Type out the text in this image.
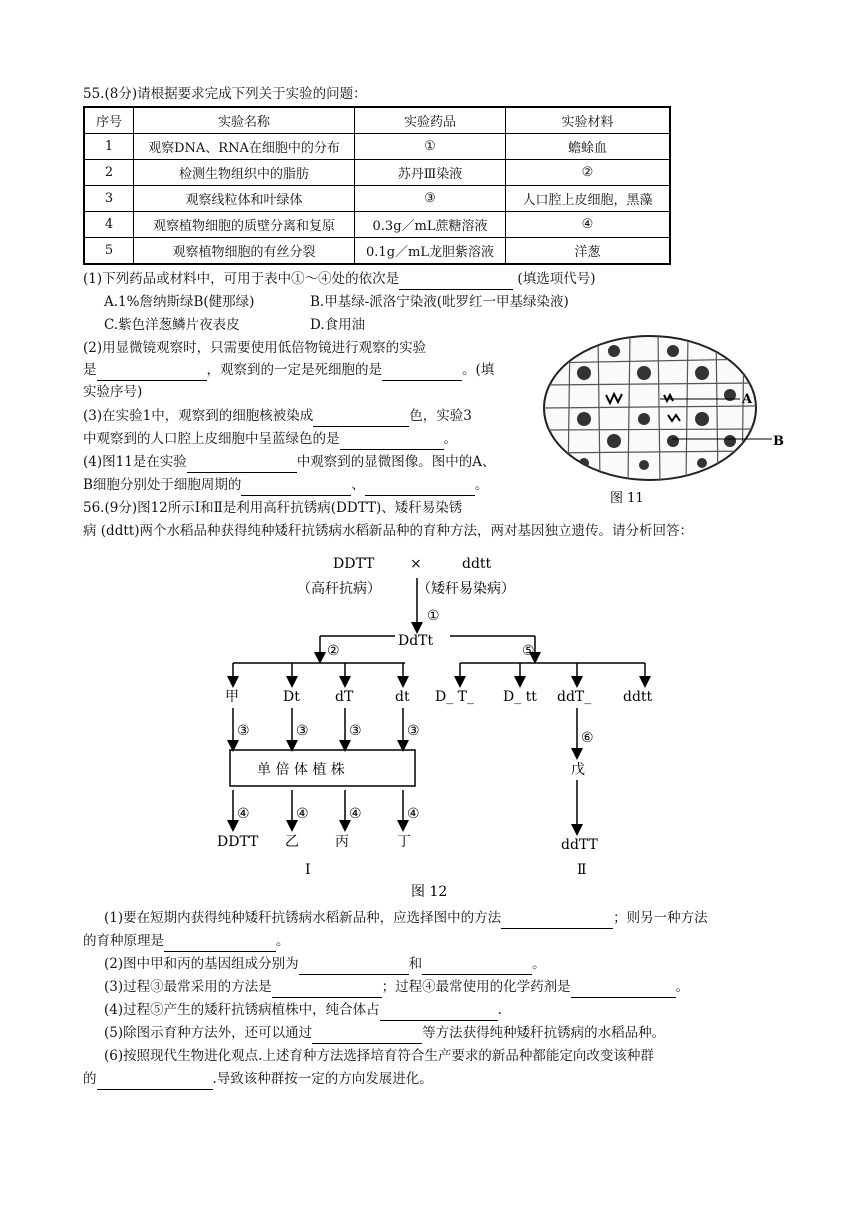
55.(8分)请根据要求完成下列关于实验的问题：
序号	实验名称	实验药品	实验材料
1	观察DNA、RNA在细胞中的分布	①	蟾蜍血
2	检测生物组织中的脂肪	苏丹Ⅲ染液	②
3	观察线粒体和叶绿体	③	人口腔上皮细胞，黑藻
4	观察植物细胞的质壁分离和复原	0.3g／mL蔗糖溶液	④
5	观察植物细胞的有丝分裂	0.1g／mL龙胆紫溶液	洋葱
(1)下列药品或材料中，可用于表中①～④处的依次是	(填选项代号)
A.1%詹纳斯绿B(健那绿)	B.甲基绿-派洛宁染液(吡罗红一甲基绿染液)
C.紫色洋葱鳞片夜表皮	D.食用油
(2)用显微镜观察时，只需要使用低倍物镜进行观察的实验
是	，观察到的一定是死细胞的是	。(填
实验序号)
(3)在实验1中，观察到的细胞核被染成	色，实验3
中观察到的人口腔上皮细胞中呈蓝绿色的是	。
(4)图11是在实验	中观察到的显微图像。图中的A、
B细胞分别处于细胞周期的	、	。
A
B
图 11
56.(9分)图12所示Ⅰ和Ⅱ是利用高秆抗锈病(DDTT)、矮秆易染锈
病 (ddtt)两个水稻品种获得纯种矮秆抗锈病水稻新品种的育种方法，两对基因独立遗传。请分析回答：
DDTT	×	ddtt
（高秆抗病）	（矮秆易染病）
①
DdTt
②	⑤
甲	Dt	dT	dt D_ T_ D_ tt ddT_ ddtt
③	③	③	③
单 倍 体 植 株
⑥
戊
④	④	④	④
DDTT 乙	丙	丁	ddTT
Ⅰ	Ⅱ
图 12
(1)要在短期内获得纯种矮秆抗锈病水稻新品种，应选择图中的方法	；则另一种方法
的育种原理是	。
(2)图中甲和丙的基因组成分别为	和	。
(3)过程③最常采用的方法是	；过程④最常使用的化学药剂是	。
(4)过程⑤产生的矮秆抗锈病植株中，纯合体占	.
(5)除图示育种方法外，还可以通过	等方法获得纯种矮秆抗锈病的水稻品种。
(6)按照现代生物进化观点.上述育种方法选择培育符合生产要求的新品种都能定向改变该种群
的	.导致该种群按一定的方向发展进化。
